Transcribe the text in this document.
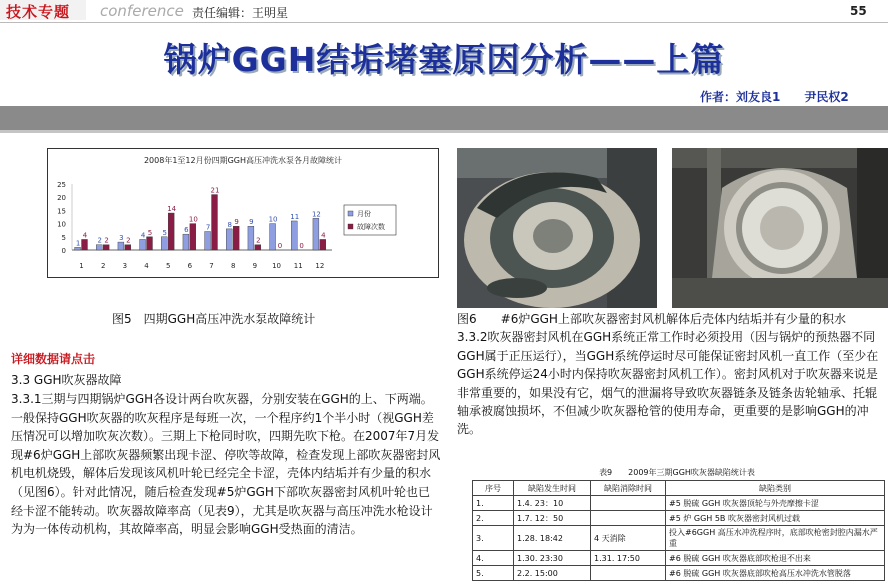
技术专题 conference 责任编辑：王明星	55
锅炉GGH结垢堵塞原因分析——上篇
作者：刘友良1　　尹民权2
2008年1至12月份四期GGH高压冲洗水泵各月故障统计
0
5
10
15
20
25
1
4
1
2 2
2
3 2
3
4 5
4
5
14
5
6
10
6
7
21
7
8 9
8
9
2
9
10
0
10
11
0
11
12
4
12
月份
故障次数
图5　四期GGH高压冲洗水泵故障统计	图6　　#6炉GGH上部吹灰器密封风机解体后壳体内结垢并有少量的积水
3.3.2吹灰器密封风机在GGH系统正常工作时必须投用（因与锅炉的预热器不同GGH属于正压运行），当GGH系统停运时尽可能保证密封风机一直工作（至少在GGH系统停运24小时内保持吹灰器密封风机工作）。密封风机对于吹灰器来说是非常重要的，如果没有它，烟气的泄漏将导致吹灰器链条及链条齿轮轴承、托辊轴承被腐蚀损坏，不但减少吹灰器枪管的使用寿命，更重要的是影响GGH的冲洗。
详细数据请点击
3.3 GGH吹灰器故障
3.3.1三期与四期锅炉GGH各设计两台吹灰器，分别安装在GGH的上、下两端。一般保持GGH吹灰器的吹灰程序是每班一次，一个程序约1个半小时（视GGH差压情况可以增加吹灰次数）。三期上下枪同时吹，四期先吹下枪。在2007年7月发现#6炉GGH上部吹灰器频繁出现卡涩、停吹等故障，检查发现上部吹灰器密封风机电机烧毁，解体后发现该风机叶轮已经完全卡涩，壳体内结垢并有少量的积水（见图6）。针对此情况，随后检查发现#5炉GGH下部吹灰器密封风机叶轮也已经卡涩不能转动。吹灰器故障率高（见表9），尤其是吹灰器与高压冲洗水枪设计为为一体传动机构，其故障率高，明显会影响GGH受热面的清洁。
表9　　2009年三期GGH吹灰器缺陷统计表
序号	缺陷发生时间	缺陷消除时间	缺陷类别
1.	1.4. 23：10		#5 脱硫 GGH 吹灰器顶轮与外壳摩擦卡涩
2.	1.7. 12：50		#5 炉 GGH 5B 吹灰器密封风机过载
3.	1.28. 18:42	4 天消除	投入#6GGH 高压水冲洗程序时，底部吹枪密封腔内漏水严重
4.	1.30. 23:30	1.31. 17:50	#6 脱硫 GGH 吹灰器底部吹枪退不出来
5.	2.2. 15:00		#6 脱硫 GGH 吹灰器底部吹枪高压水冲洗水管脱落
